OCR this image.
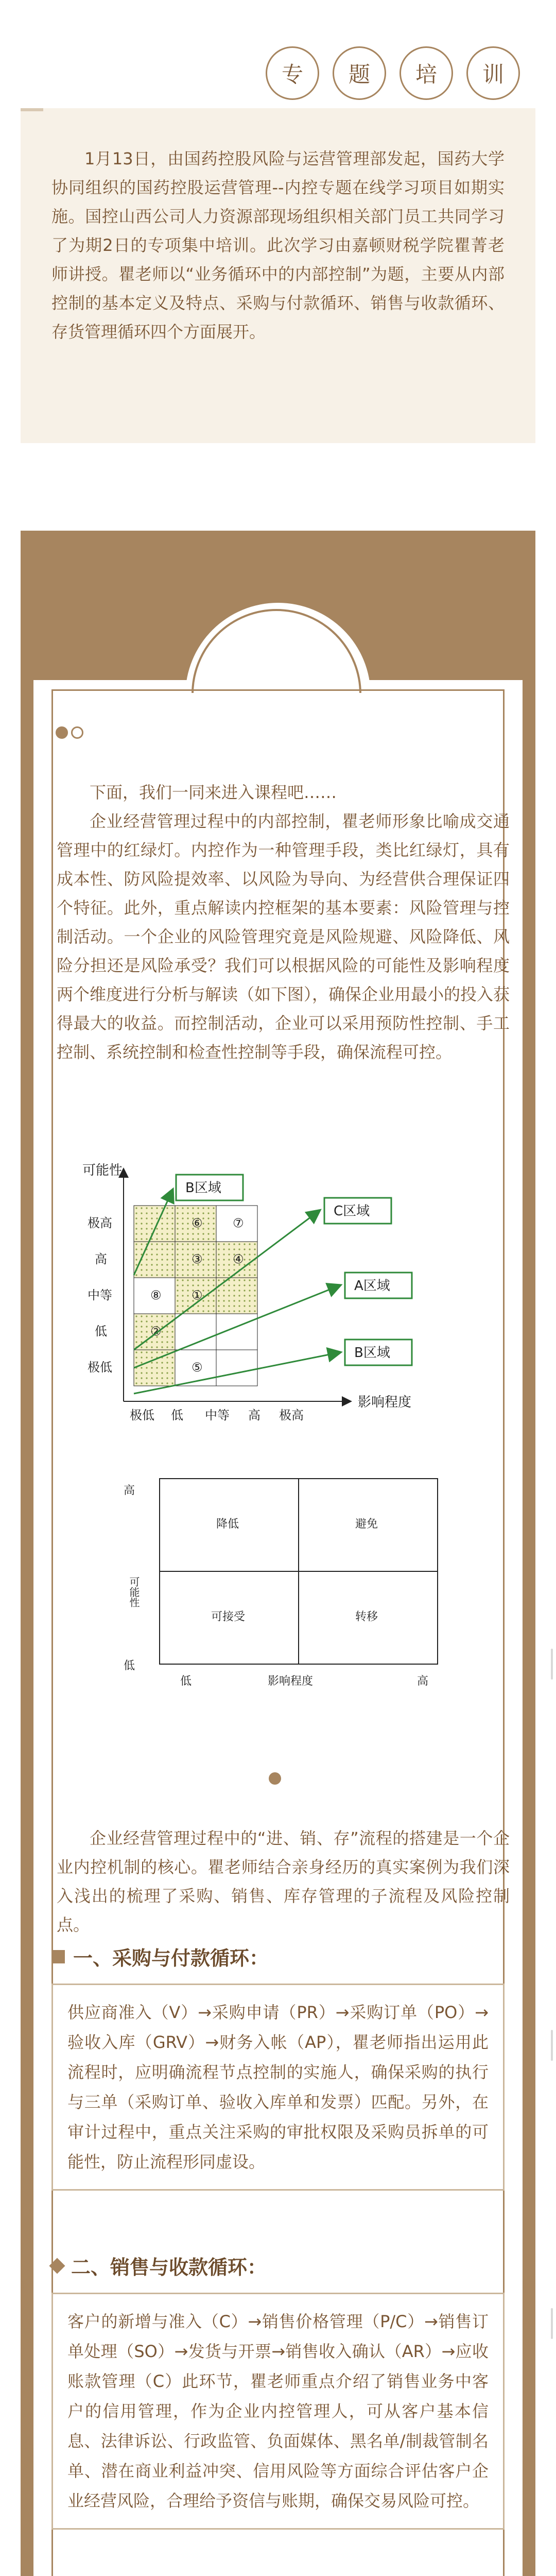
专	题	培	训

1月13日，由国药控股风险与运营管理部发起，国药大学协同组织的国药控股运营管理--内控专题在线学习项目如期实施。国控山西公司人力资源部现场组织相关部门员工共同学习了为期2日的专项集中培训。此次学习由嘉顿财税学院瞿菁老师讲授。瞿老师以“业务循环中的内部控制”为题，主要从内部控制的基本定义及特点、采购与付款循环、销售与收款循环、存货管理循环四个方面展开。

下面，我们一同来进入课程吧……

企业经营管理过程中的内部控制，瞿老师形象比喻成交通管理中的红绿灯。内控作为一种管理手段，类比红绿灯，具有成本性、防风险提效率、以风险为导向、为经营供合理保证四个特征。此外，重点解读内控框架的基本要素：风险管理与控制活动。一个企业的风险管理究竟是风险规避、风险降低、风险分担还是风险承受？我们可以根据风险的可能性及影响程度两个维度进行分析与解读（如下图），确保企业用最小的投入获得最大的收益。而控制活动，企业可以采用预防性控制、手工控制、系统控制和检查性控制等手段，确保流程可控。

可能性
影响程度
⑥ ⑦
③ ④
⑧ ①
②
⑤
极高
高
中等
低
极低
极低 低 中等 高 极高
B区域
C区域
A区域
B区域
高
低
可能性
低	影响程度	高
降低	避免
可接受	转移

企业经营管理过程中的“进、销、存”流程的搭建是一个企业内控机制的核心。瞿老师结合亲身经历的真实案例为我们深入浅出的梳理了采购、销售、库存管理的子流程及风险控制点。

一、采购与付款循环：

供应商准入（V）→采购申请（PR）→采购订单（PO）→验收入库（GRV）→财务入帐（AP），瞿老师指出运用此流程时，应明确流程节点控制的实施人，确保采购的执行与三单（采购订单、验收入库单和发票）匹配。另外，在审计过程中，重点关注采购的审批权限及采购员拆单的可能性，防止流程形同虚设。

二、销售与收款循环：

客户的新增与准入（C）→销售价格管理（P/C）→销售订单处理（SO）→发货与开票→销售收入确认（AR）→应收账款管理（C）此环节，瞿老师重点介绍了销售业务中客户的信用管理，作为企业内控管理人，可从客户基本信息、法律诉讼、行政监管、负面媒体、黑名单/制裁管制名单、潜在商业利益冲突、信用风险等方面综合评估客户企业经营风险，合理给予资信与账期，确保交易风险可控。
